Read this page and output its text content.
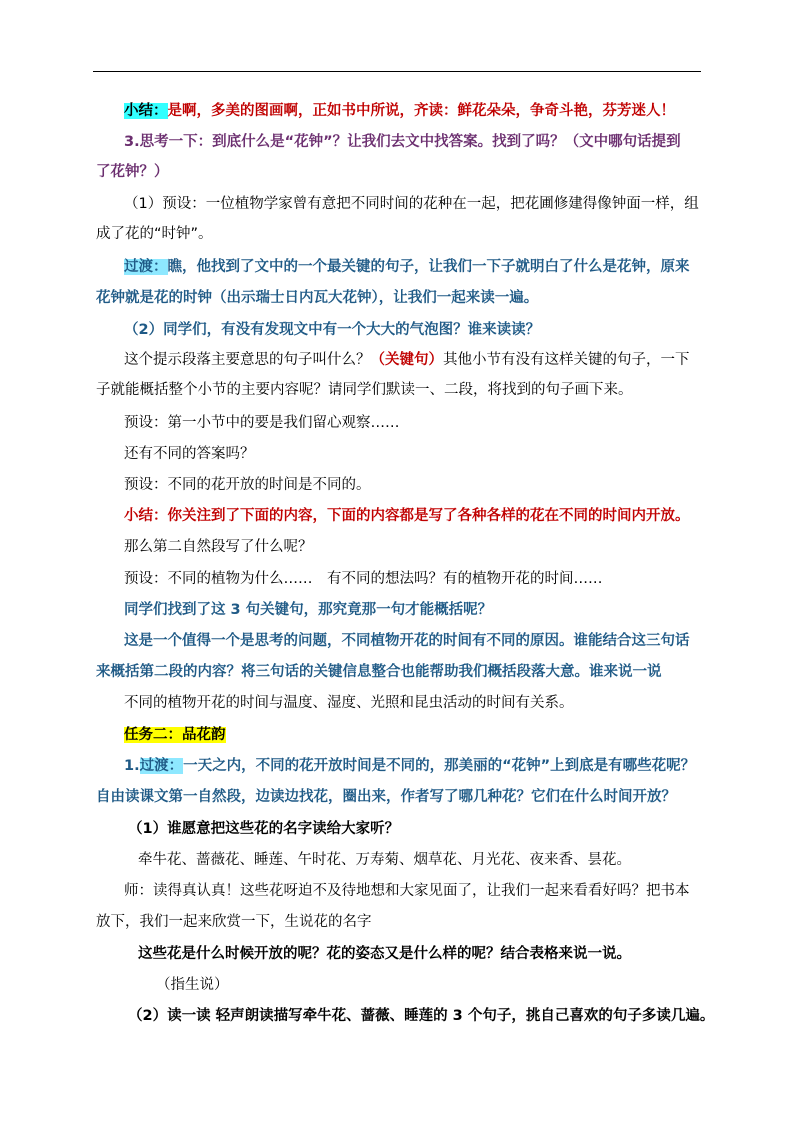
小结：是啊，多美的图画啊，正如书中所说，齐读：鲜花朵朵，争奇斗艳，芬芳迷人！
3.思考一下：到底什么是“花钟”？让我们去文中找答案。找到了吗？（文中哪句话提到
了花钟？）
（1）预设：一位植物学家曾有意把不同时间的花种在一起，把花圃修建得像钟面一样，组
成了花的“时钟”。
过渡：瞧，他找到了文中的一个最关键的句子，让我们一下子就明白了什么是花钟，原来
花钟就是花的时钟（出示瑞士日内瓦大花钟），让我们一起来读一遍。
（2）同学们，有没有发现文中有一个大大的气泡图？谁来读读？
这个提示段落主要意思的句子叫什么？（关键句）其他小节有没有这样关键的句子，一下
子就能概括整个小节的主要内容呢？请同学们默读一、二段，将找到的句子画下来。
预设：第一小节中的要是我们留心观察……
还有不同的答案吗？
预设：不同的花开放的时间是不同的。
小结：你关注到了下面的内容，下面的内容都是写了各种各样的花在不同的时间内开放。
那么第二自然段写了什么呢？
预设：不同的植物为什么……　有不同的想法吗？有的植物开花的时间……
同学们找到了这 3 句关键句，那究竟那一句才能概括呢？
这是一个值得一个是思考的问题，不同植物开花的时间有不同的原因。谁能结合这三句话
来概括第二段的内容？将三句话的关键信息整合也能帮助我们概括段落大意。谁来说一说
不同的植物开花的时间与温度、湿度、光照和昆虫活动的时间有关系。
任务二：品花韵
1.过渡：一天之内，不同的花开放时间是不同的，那美丽的“花钟”上到底是有哪些花呢？
自由读课文第一自然段，边读边找花，圈出来，作者写了哪几种花？它们在什么时间开放？
（1）谁愿意把这些花的名字读给大家听？
牵牛花、蔷薇花、睡莲、午时花、万寿菊、烟草花、月光花、夜来香、昙花。
师：读得真认真！这些花呀迫不及待地想和大家见面了，让我们一起来看看好吗？把书本
放下，我们一起来欣赏一下，生说花的名字
这些花是什么时候开放的呢？花的姿态又是什么样的呢？结合表格来说一说。
（指生说）
（2）读一读 轻声朗读描写牵牛花、蔷薇、睡莲的 3 个句子，挑自己喜欢的句子多读几遍。
